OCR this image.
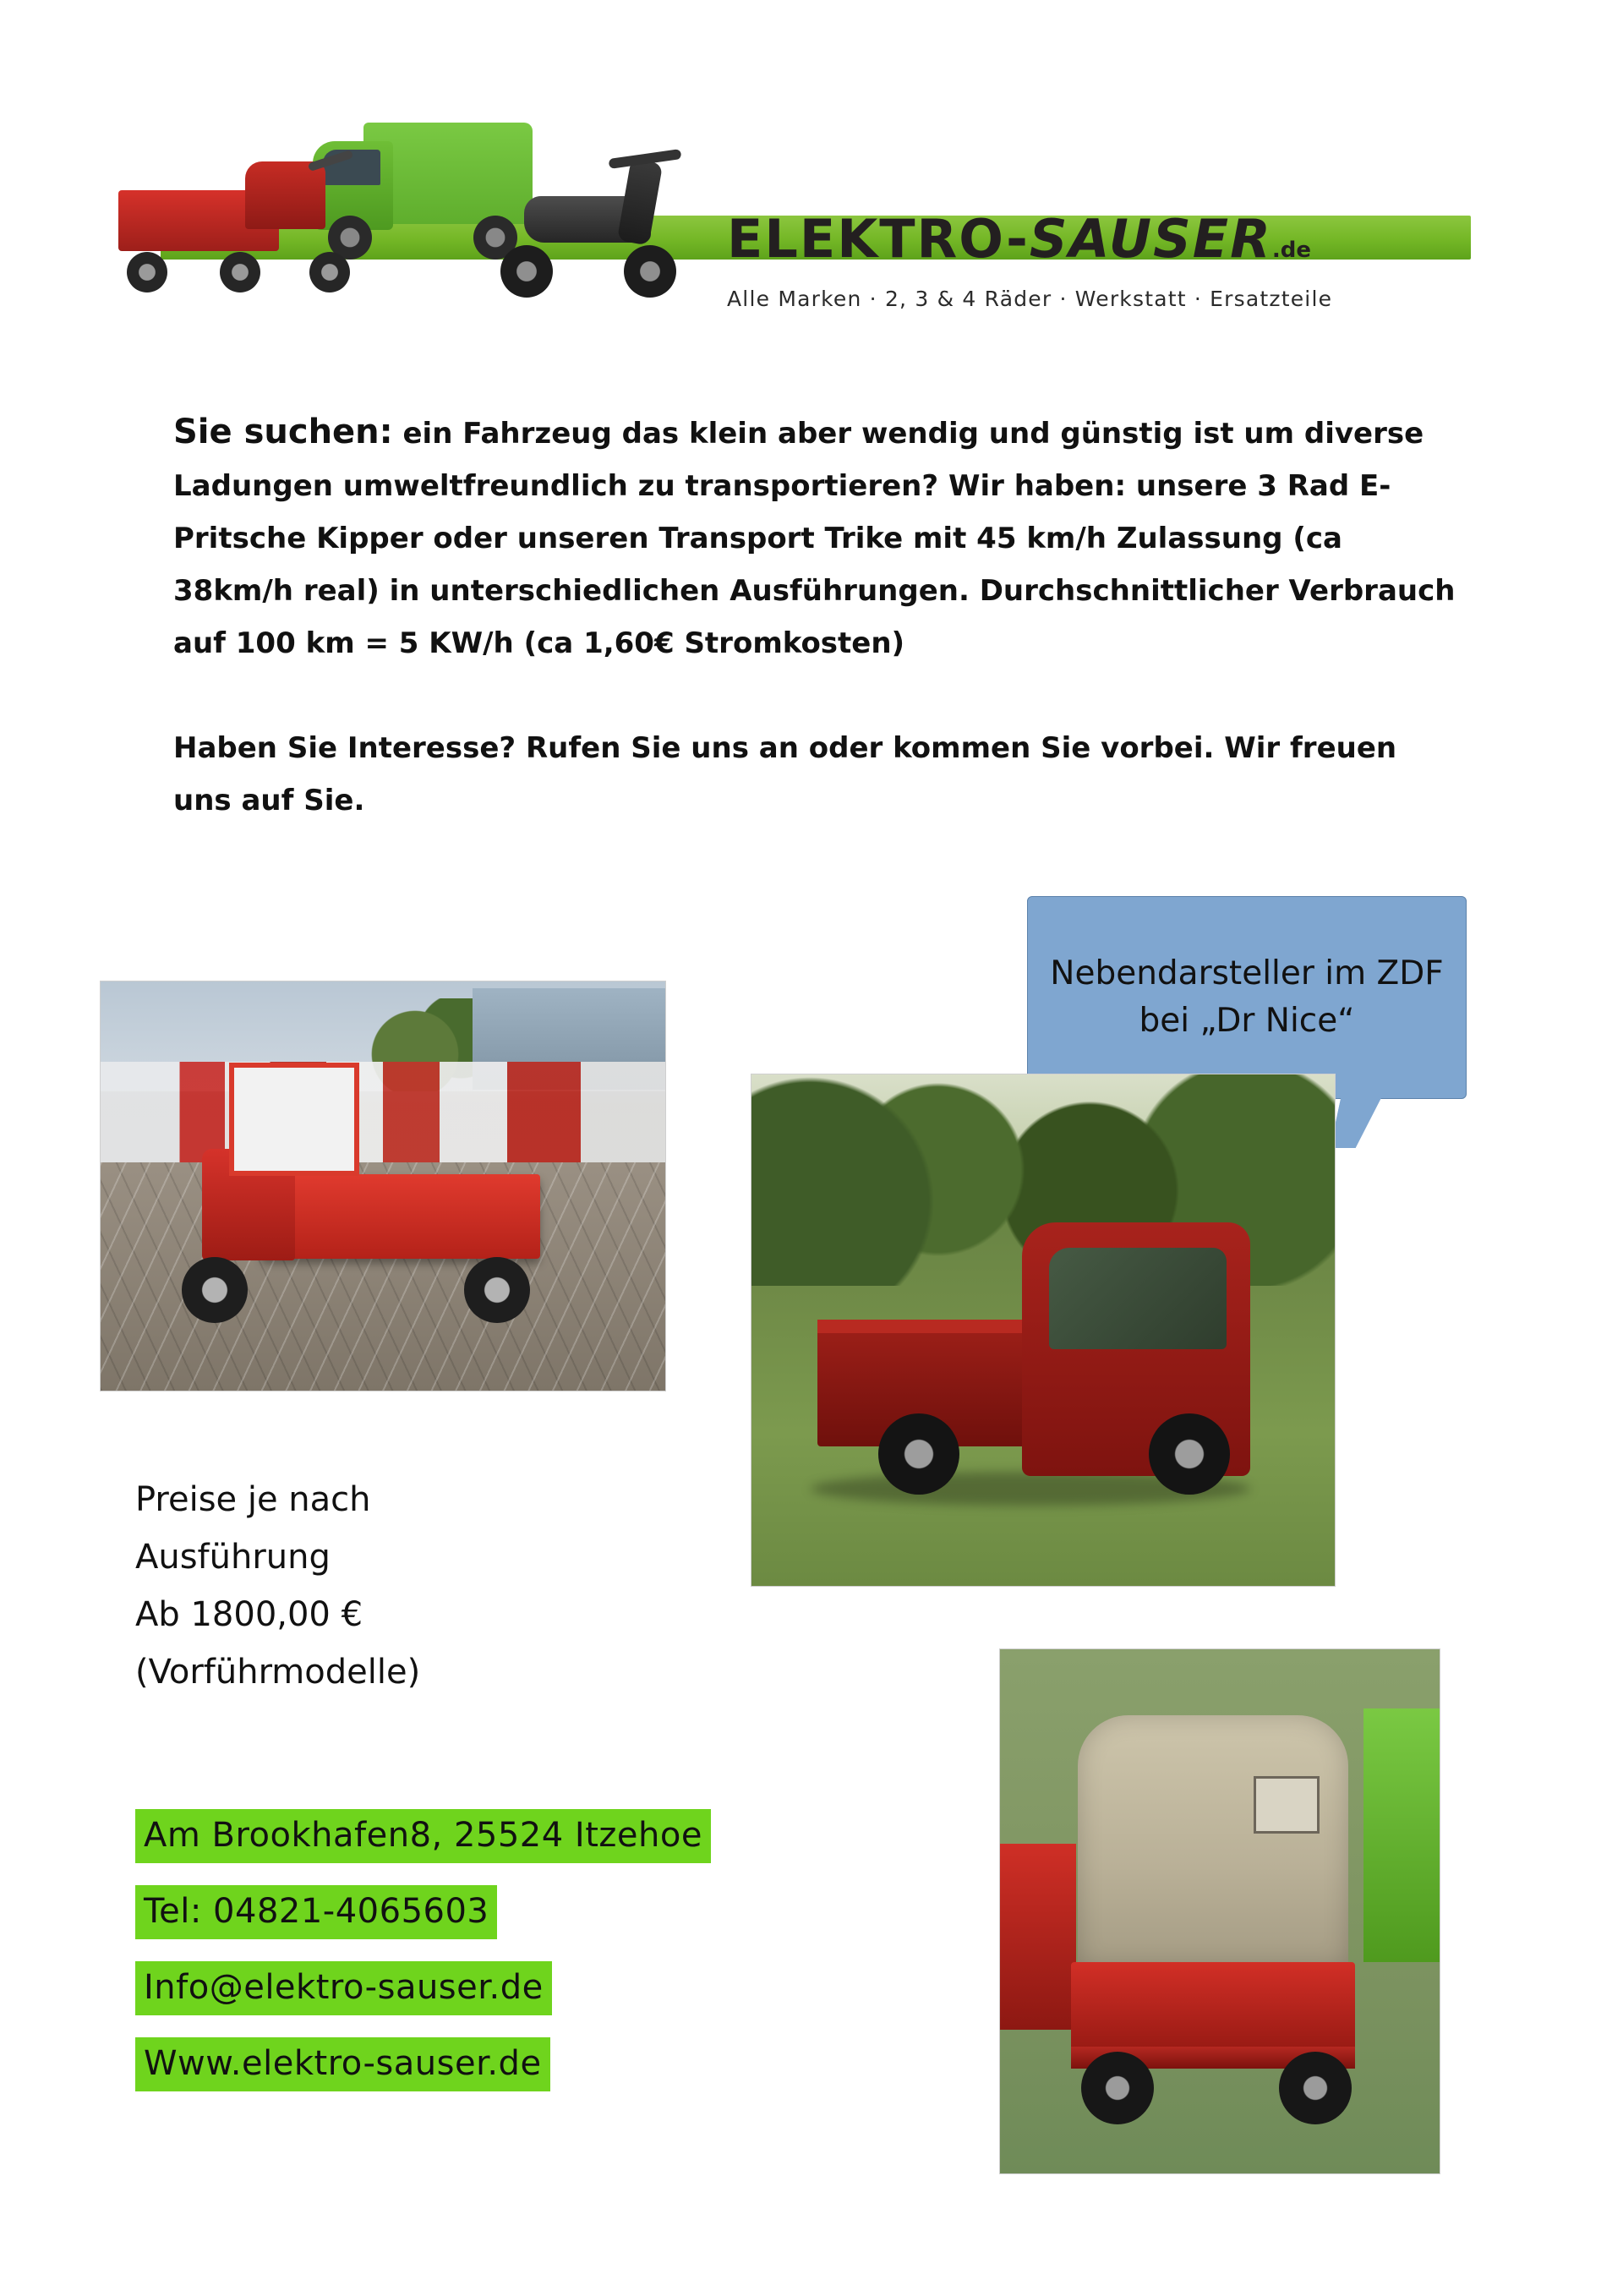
ELEKTRO-SAUSER.de
Alle Marken · 2, 3 & 4 Räder · Werkstatt · Ersatzteile

Sie suchen: ein Fahrzeug das klein aber wendig und günstig ist um diverse Ladungen umweltfreundlich zu transportieren? Wir haben: unsere 3 Rad E-Pritsche Kipper oder unseren Transport Trike mit 45 km/h Zulassung (ca 38km/h real) in unterschiedlichen Ausführungen. Durchschnittlicher Verbrauch auf 100 km = 5 KW/h (ca 1,60€ Stromkosten)

Haben Sie Interesse? Rufen Sie uns an oder kommen Sie vorbei. Wir freuen uns auf Sie.

Nebendarsteller im ZDF bei „Dr Nice“

Preise je nach

Ausführung

Ab 1800,00 €

(Vorführmodelle)

Am Brookhafen8, 25524 Itzehoe
Tel: 04821-4065603
Info@elektro-sauser.de
Www.elektro-sauser.de
